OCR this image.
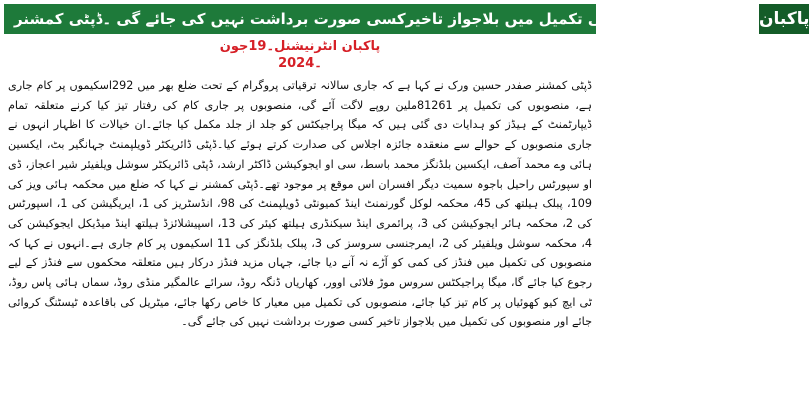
ترقیاتی منصوبوں کی تکمیل میں بلاجواز تاخیرکسی صورت برداشت نہیں کی جائے گی ۔ڈپٹی کمشنر پاکبان
پاکبان انٹرنیشنل۔19جون
۔2024
ڈپٹی کمشنر صفدر حسین ورک نے کہا ہے کہ جاری سالانہ ترقیاتی پروگرام کے تحت ضلع بھر میں 292اسکیموں پر کام جاری ہے، منصوبوں کی تکمیل پر 81261ملین روپے لاگت آئے گی، منصوبوں پر جاری کام کی رفتار تیز کیا کرنے متعلقہ تمام ڈیپارٹمنٹ کے ہیڈز کو ہدایات دی گئی ہیں کہ میگا پراجیکٹس کو جلد از جلد مکمل کیا جائے۔ان خیالات کا اظہار انہوں نے جاری منصوبوں کے حوالے سے منعقدہ جائزہ اجلاس کی صدارت کرتے ہوئے کیا۔ڈپٹی ڈائریکٹر ڈویلپمنٹ جہانگیر بٹ، ایکسین ہائی وے محمد آصف، ایکسین بلڈنگز محمد باسط، سی او ایجوکیشن ڈاکٹر ارشد، ڈپٹی ڈائریکٹر سوشل ویلفیئر شیر اعجاز، ڈی او سپورٹس راحیل باجوہ سمیت دیگر افسران اس موقع پر موجود تھے۔ڈپٹی کمشنر نے کہا کہ ضلع میں محکمہ ہائی ویز کی 109، پبلک ہیلتھ کی 45، محکمہ لوکل گورنمنٹ اینڈ کمیونٹی ڈویلپمنٹ کی 98، انڈسٹریز کی 1، ایریگیشن کی 1، اسپورٹس کی 2، محکمہ ہائر ایجوکیشن کی 3، پرائمری اینڈ سیکنڈری ہیلتھ کیئر کی 13، اسپیشلائزڈ ہیلتھ اینڈ میڈیکل ایجوکیشن کی 4، محکمہ سوشل ویلفیئر کی 2، ایمرجنسی سروسز کی 3، پبلک بلڈنگز کی 11 اسکیموں پر کام جاری ہے۔انہوں نے کہا کہ منصوبوں کی تکمیل میں فنڈز کی کمی کو آڑے نہ آنے دیا جائے، جہاں مزید فنڈز درکار ہیں متعلقہ محکموں سے فنڈز کے لیے رجوع کیا جائے گا، میگا پراجیکٹس سروس موڑ فلائی اوور، کھاریاں ڈنگہ روڈ، سرائے عالمگیر منڈی روڈ، سماں ہائی پاس روڈ، ٹی ایچ کیو کھوئیاں پر کام تیز کیا جائے، منصوبوں کی تکمیل میں معیار کا خاص رکھا جائے، میٹریل کی باقاعدہ ٹیسٹنگ کروائی جائے اور منصوبوں کی تکمیل میں بلاجواز تاخیر کسی صورت برداشت نہیں کی جائے گی۔
